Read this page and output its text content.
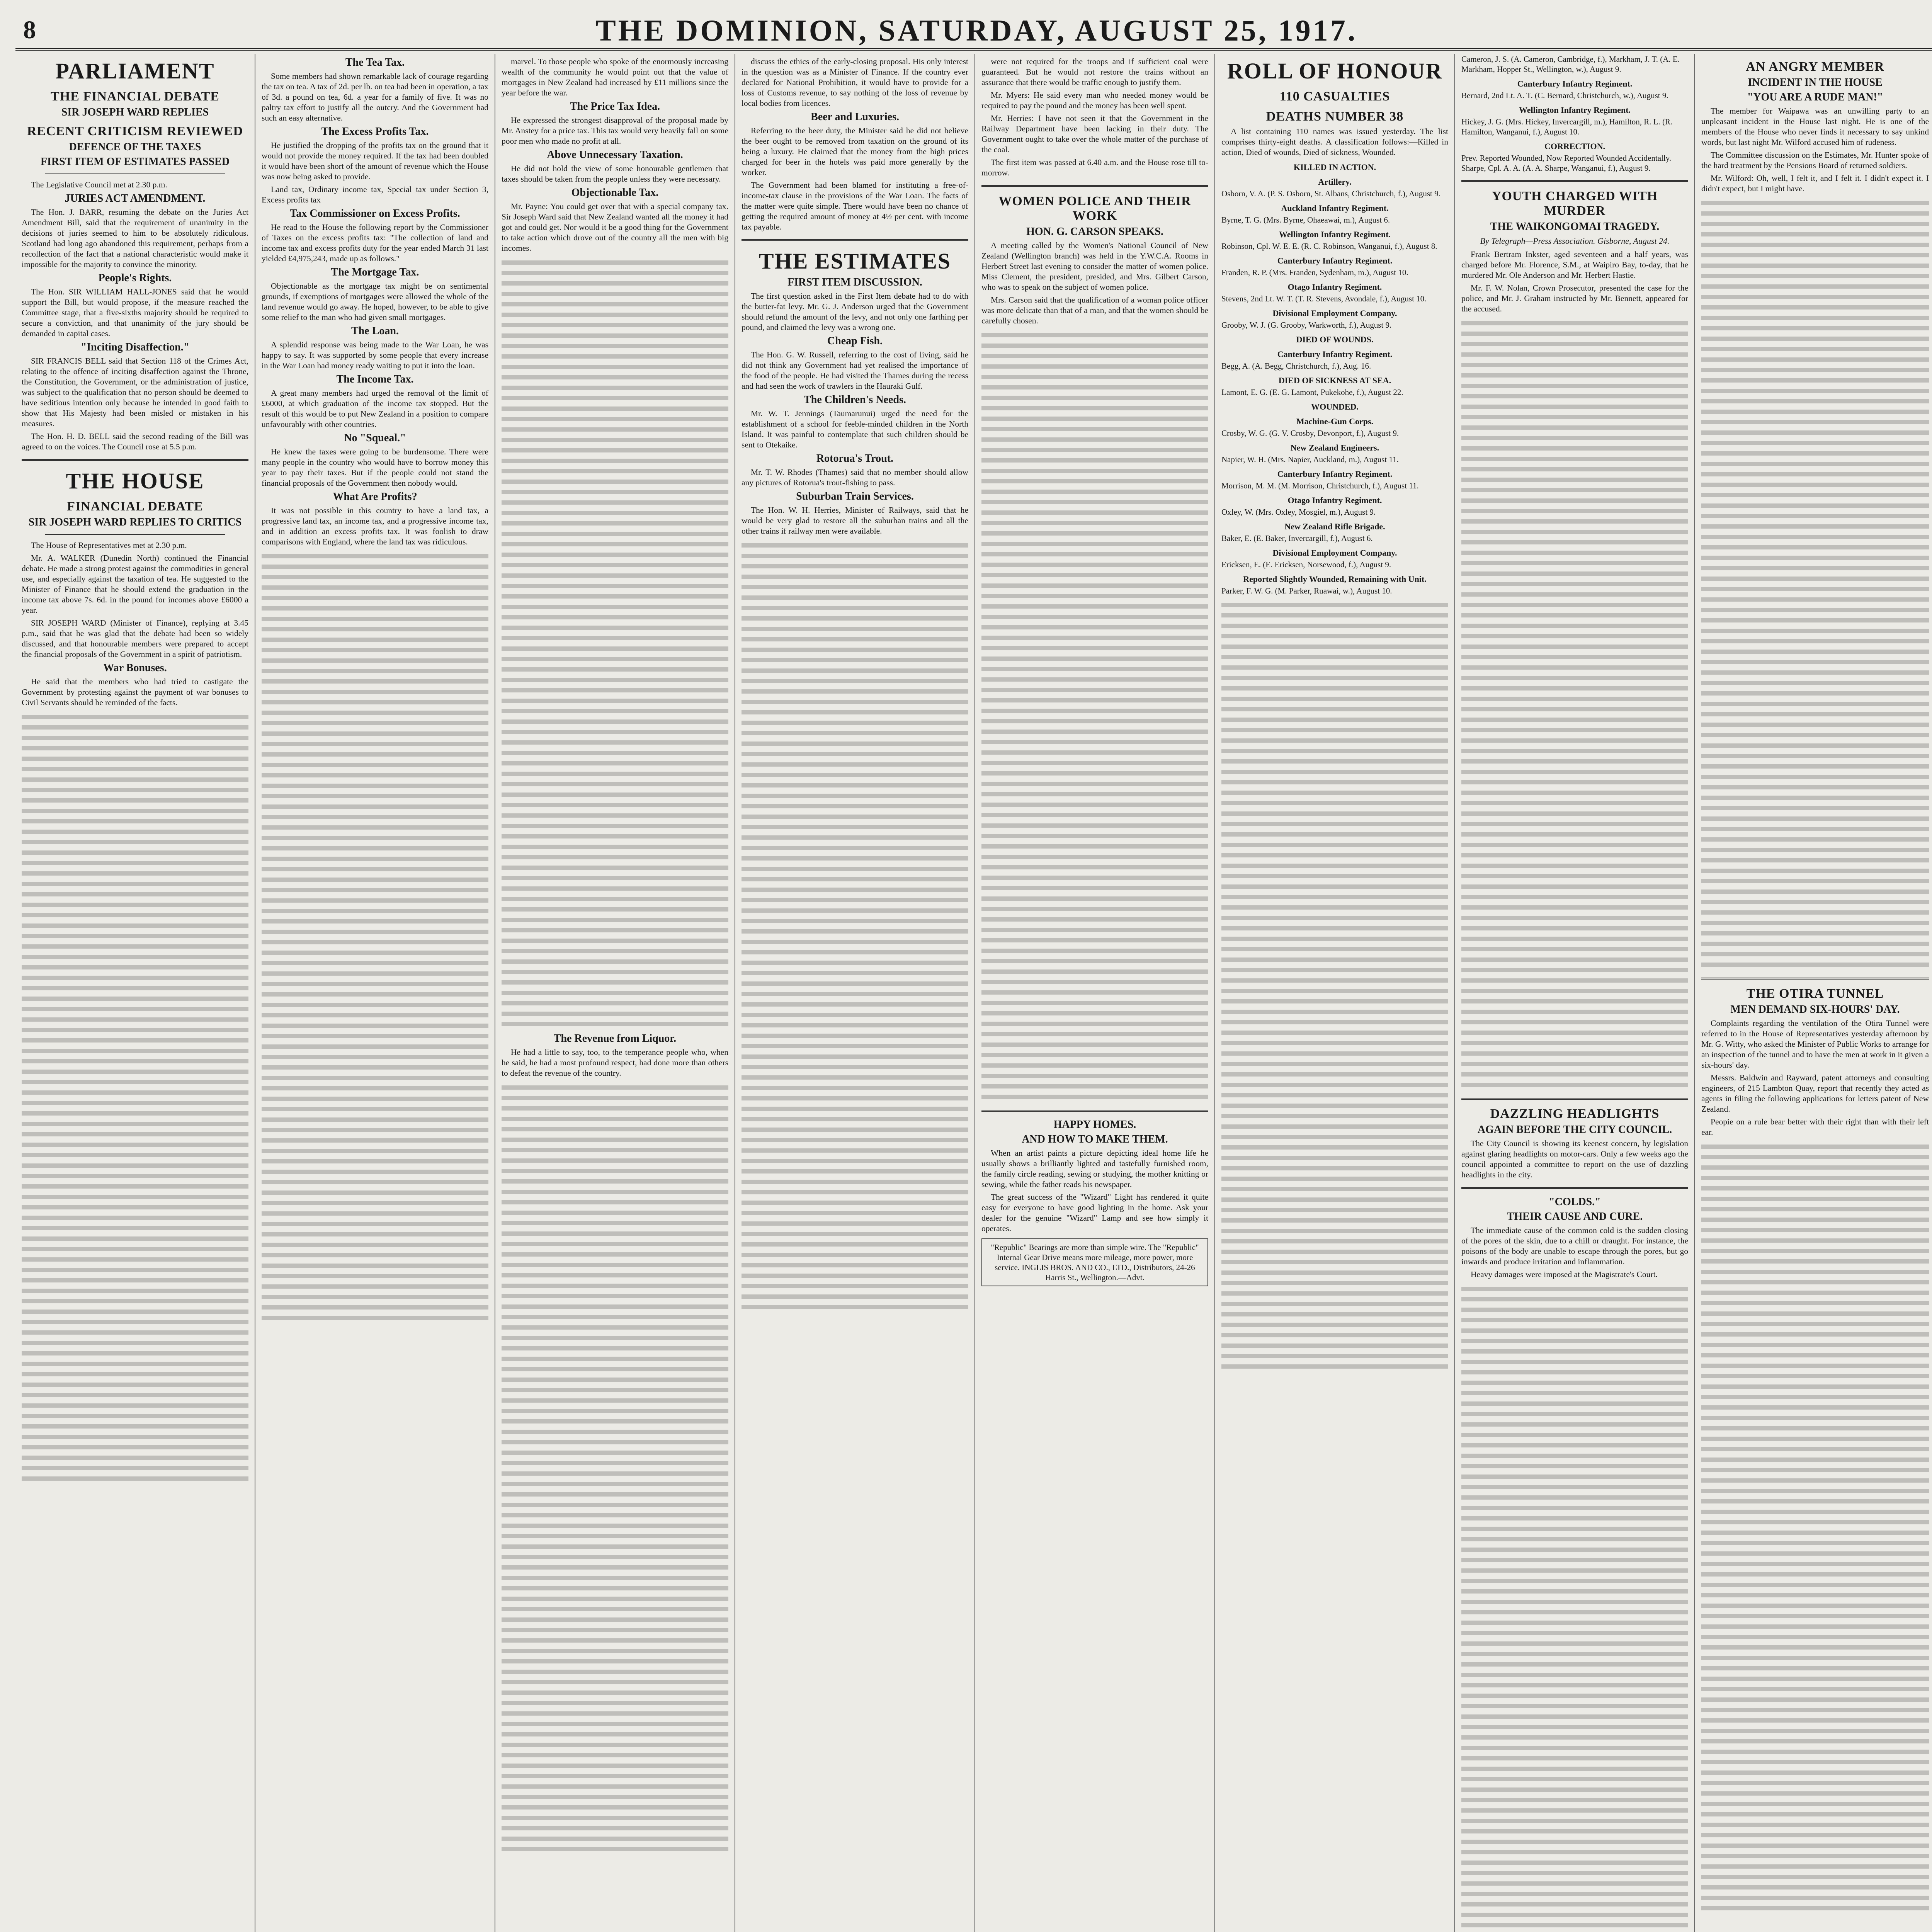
8	THE DOMINION, SATURDAY, AUGUST 25, 1917.
PARLIAMENT
THE FINANCIAL DEBATE
SIR JOSEPH WARD REPLIES
RECENT CRITICISM REVIEWED
DEFENCE OF THE TAXES
FIRST ITEM OF ESTIMATES PASSED

The Legislative Council met at 2.30 p.m.

JURIES ACT AMENDMENT.

The Hon. J. BARR, resuming the debate on the Juries Act Amendment Bill, said that the requirement of unanimity in the decisions of juries seemed to him to be absolutely ridiculous. Scotland had long ago abandoned this requirement, perhaps from a recollection of the fact that a national characteristic would make it impossible for the majority to convince the minority.

People's Rights.

The Hon. SIR WILLIAM HALL-JONES said that he would support the Bill, but would propose, if the measure reached the Committee stage, that a five-sixths majority should be required to secure a conviction, and that unanimity of the jury should be demanded in capital cases.

"Inciting Disaffection."

SIR FRANCIS BELL said that Section 118 of the Crimes Act, relating to the offence of inciting disaffection against the Throne, the Constitution, the Government, or the administration of justice, was subject to the qualification that no person should be deemed to have seditious intention only because he intended in good faith to show that His Majesty had been misled or mistaken in his measures.

The Hon. H. D. BELL said the second reading of the Bill was agreed to on the voices. The Council rose at 5.5 p.m.

THE HOUSE
FINANCIAL DEBATE
SIR JOSEPH WARD REPLIES TO CRITICS

The House of Representatives met at 2.30 p.m.

Mr. A. WALKER (Dunedin North) continued the Financial debate. He made a strong protest against the commodities in general use, and especially against the taxation of tea. He suggested to the Minister of Finance that he should extend the graduation in the income tax above 7s. 6d. in the pound for incomes above £6000 a year.

SIR JOSEPH WARD (Minister of Finance), replying at 3.45 p.m., said that he was glad that the debate had been so widely discussed, and that honourable members were prepared to accept the financial proposals of the Government in a spirit of patriotism.

War Bonuses.

He said that the members who had tried to castigate the Government by protesting against the payment of war bonuses to Civil Servants should be reminded of the facts.

The Tea Tax.

Some members had shown remarkable lack of courage regarding the tax on tea. A tax of 2d. per lb. on tea had been in operation, a tax of 3d. a pound on tea, 6d. a year for a family of five. It was no paltry tax effort to justify all the outcry. And the Government had such an easy alternative.

The Excess Profits Tax.

He justified the dropping of the profits tax on the ground that it would not provide the money required. If the tax had been doubled it would have been short of the amount of revenue which the House was now being asked to provide.

Land tax, Ordinary income tax, Special tax under Section 3, Excess profits tax

Tax Commissioner on Excess Profits.

He read to the House the following report by the Commissioner of Taxes on the excess profits tax: "The collection of land and income tax and excess profits duty for the year ended March 31 last yielded £4,975,243, made up as follows."

The Mortgage Tax.

Objectionable as the mortgage tax might be on sentimental grounds, if exemptions of mortgages were allowed the whole of the land revenue would go away. He hoped, however, to be able to give some relief to the man who had given small mortgages.

The Loan.

A splendid response was being made to the War Loan, he was happy to say. It was supported by some people that every increase in the War Loan had money ready waiting to put it into the loan.

The Income Tax.

A great many members had urged the removal of the limit of £6000, at which graduation of the income tax stopped. But the result of this would be to put New Zealand in a position to compare unfavourably with other countries.

No "Squeal."

He knew the taxes were going to be burdensome. There were many people in the country who would have to borrow money this year to pay their taxes. But if the people could not stand the financial proposals of the Government then nobody would.

What Are Profits?

It was not possible in this country to have a land tax, a progressive land tax, an income tax, and a progressive income tax, and in addition an excess profits tax. It was foolish to draw comparisons with England, where the land tax was ridiculous.

marvel. To those people who spoke of the enormously increasing wealth of the community he would point out that the value of mortgages in New Zealand had increased by £11 millions since the year before the war.

The Price Tax Idea.

He expressed the strongest disapproval of the proposal made by Mr. Anstey for a price tax. This tax would very heavily fall on some poor men who made no profit at all.

Above Unnecessary Taxation.

He did not hold the view of some honourable gentlemen that taxes should be taken from the people unless they were necessary.

Objectionable Tax.

Mr. Payne: You could get over that with a special company tax. Sir Joseph Ward said that New Zealand wanted all the money it had got and could get. Nor would it be a good thing for the Government to take action which drove out of the country all the men with big incomes.

The Revenue from Liquor.

He had a little to say, too, to the temperance people who, when he said, he had a most profound respect, had done more than others to defeat the revenue of the country.

discuss the ethics of the early-closing proposal. His only interest in the question was as a Minister of Finance. If the country ever declared for National Prohibition, it would have to provide for a loss of Customs revenue, to say nothing of the loss of revenue by local bodies from licences.

Beer and Luxuries.

Referring to the beer duty, the Minister said he did not believe the beer ought to be removed from taxation on the ground of its being a luxury. He claimed that the money from the high prices charged for beer in the hotels was paid more generally by the worker.

The Government had been blamed for instituting a free-of-income-tax clause in the provisions of the War Loan. The facts of the matter were quite simple. There would have been no chance of getting the required amount of money at 4½ per cent. with income tax payable.

THE ESTIMATES
FIRST ITEM DISCUSSION.

The first question asked in the First Item debate had to do with the butter-fat levy. Mr. G. J. Anderson urged that the Government should refund the amount of the levy, and not only one farthing per pound, and claimed the levy was a wrong one.

Cheap Fish.

The Hon. G. W. Russell, referring to the cost of living, said he did not think any Government had yet realised the importance of the food of the people. He had visited the Thames during the recess and had seen the work of trawlers in the Hauraki Gulf.

The Children's Needs.

Mr. W. T. Jennings (Taumarunui) urged the need for the establishment of a school for feeble-minded children in the North Island. It was painful to contemplate that such children should be sent to Otekaike.

Rotorua's Trout.

Mr. T. W. Rhodes (Thames) said that no member should allow any pictures of Rotorua's trout-fishing to pass.

Suburban Train Services.

The Hon. W. H. Herries, Minister of Railways, said that he would be very glad to restore all the suburban trains and all the other trains if railway men were available.

were not required for the troops and if sufficient coal were guaranteed. But he would not restore the trains without an assurance that there would be traffic enough to justify them.

Mr. Myers: He said every man who needed money would be required to pay the pound and the money has been well spent.

Mr. Herries: I have not seen it that the Government in the Railway Department have been lacking in their duty. The Government ought to take over the whole matter of the purchase of the coal.

The first item was passed at 6.40 a.m. and the House rose till to-morrow.

WOMEN POLICE AND THEIR WORK
HON. G. CARSON SPEAKS.

A meeting called by the Women's National Council of New Zealand (Wellington branch) was held in the Y.W.C.A. Rooms in Herbert Street last evening to consider the matter of women police. Miss Clement, the president, presided, and Mrs. Gilbert Carson, who was to speak on the subject of women police.

Mrs. Carson said that the qualification of a woman police officer was more delicate than that of a man, and that the women should be carefully chosen.

HAPPY HOMES.
AND HOW TO MAKE THEM.

When an artist paints a picture depicting ideal home life he usually shows a brilliantly lighted and tastefully furnished room, the family circle reading, sewing or studying, the mother knitting or sewing, while the father reads his newspaper.

The great success of the "Wizard" Light has rendered it quite easy for everyone to have good lighting in the home. Ask your dealer for the genuine "Wizard" Lamp and see how simply it operates.

"Republic" Bearings are more than simple wire. The "Republic" Internal Gear Drive means more mileage, more power, more service. INGLIS BROS. AND CO., LTD., Distributors, 24-26 Harris St., Wellington.—Advt.
ROLL OF HONOUR
110 CASUALTIES
DEATHS NUMBER 38

A list containing 110 names was issued yesterday. The list comprises thirty-eight deaths. A classification follows:—Killed in action, Died of wounds, Died of sickness, Wounded.

KILLED IN ACTION.
Artillery.

Osborn, V. A. (P. S. Osborn, St. Albans, Christchurch, f.), August 9.

Auckland Infantry Regiment.

Byrne, T. G. (Mrs. Byrne, Ohaeawai, m.), August 6.

Wellington Infantry Regiment.

Robinson, Cpl. W. E. E. (R. C. Robinson, Wanganui, f.), August 8.

Canterbury Infantry Regiment.

Franden, R. P. (Mrs. Franden, Sydenham, m.), August 10.

Otago Infantry Regiment.

Stevens, 2nd Lt. W. T. (T. R. Stevens, Avondale, f.), August 10.

Divisional Employment Company.

Grooby, W. J. (G. Grooby, Warkworth, f.), August 9.

DIED OF WOUNDS.
Canterbury Infantry Regiment.

Begg, A. (A. Begg, Christchurch, f.), Aug. 16.

DIED OF SICKNESS AT SEA.

Lamont, E. G. (E. G. Lamont, Pukekohe, f.), August 22.

WOUNDED.
Machine-Gun Corps.

Crosby, W. G. (G. V. Crosby, Devonport, f.), August 9.

New Zealand Engineers.

Napier, W. H. (Mrs. Napier, Auckland, m.), August 11.

Canterbury Infantry Regiment.

Morrison, M. M. (M. Morrison, Christchurch, f.), August 11.

Otago Infantry Regiment.

Oxley, W. (Mrs. Oxley, Mosgiel, m.), August 9.

New Zealand Rifle Brigade.

Baker, E. (E. Baker, Invercargill, f.), August 6.

Divisional Employment Company.

Ericksen, E. (E. Ericksen, Norsewood, f.), August 9.

Reported Slightly Wounded, Remaining with Unit.

Parker, F. W. G. (M. Parker, Ruawai, w.), August 10.

Cameron, J. S. (A. Cameron, Cambridge, f.), Markham, J. T. (A. E. Markham, Hopper St., Wellington, w.), August 9.

Canterbury Infantry Regiment.

Bernard, 2nd Lt. A. T. (C. Bernard, Christchurch, w.), August 9.

Wellington Infantry Regiment.

Hickey, J. G. (Mrs. Hickey, Invercargill, m.), Hamilton, R. L. (R. Hamilton, Wanganui, f.), August 10.

CORRECTION.

Prev. Reported Wounded, Now Reported Wounded Accidentally. Sharpe, Cpl. A. A. (A. A. Sharpe, Wanganui, f.), August 9.

YOUTH CHARGED WITH MURDER
THE WAIKONGOMAI TRAGEDY.
By Telegraph—Press Association. Gisborne, August 24.

Frank Bertram Inkster, aged seventeen and a half years, was charged before Mr. Florence, S.M., at Waipiro Bay, to-day, that he murdered Mr. Ole Anderson and Mr. Herbert Hastie.

Mr. F. W. Nolan, Crown Prosecutor, presented the case for the police, and Mr. J. Graham instructed by Mr. Bennett, appeared for the accused.

DAZZLING HEADLIGHTS
AGAIN BEFORE THE CITY COUNCIL.

The City Council is showing its keenest concern, by legislation against glaring headlights on motor-cars. Only a few weeks ago the council appointed a committee to report on the use of dazzling headlights in the city.

"COLDS."
THEIR CAUSE AND CURE.

The immediate cause of the common cold is the sudden closing of the pores of the skin, due to a chill or draught. For instance, the poisons of the body are unable to escape through the pores, but go inwards and produce irritation and inflammation.

Heavy damages were imposed at the Magistrate's Court.

AN ANGRY MEMBER
INCIDENT IN THE HOUSE
"YOU ARE A RUDE MAN!"

The member for Waipawa was an unwilling party to an unpleasant incident in the House last night. He is one of the members of the House who never finds it necessary to say unkind words, but last night Mr. Wilford accused him of rudeness.

The Committee discussion on the Estimates, Mr. Hunter spoke of the hard treatment by the Pensions Board of returned soldiers.

Mr. Wilford: Oh, well, I felt it, and I felt it. I didn't expect it. I didn't expect, but I might have.

THE OTIRA TUNNEL
MEN DEMAND SIX-HOURS' DAY.

Complaints regarding the ventilation of the Otira Tunnel were referred to in the House of Representatives yesterday afternoon by Mr. G. Witty, who asked the Minister of Public Works to arrange for an inspection of the tunnel and to have the men at work in it given a six-hours' day.

Messrs. Baldwin and Rayward, patent attorneys and consulting engineers, of 215 Lambton Quay, report that recently they acted as agents in filing the following applications for letters patent of New Zealand.

Peopie on a rule bear better with their right than with their left ear.
